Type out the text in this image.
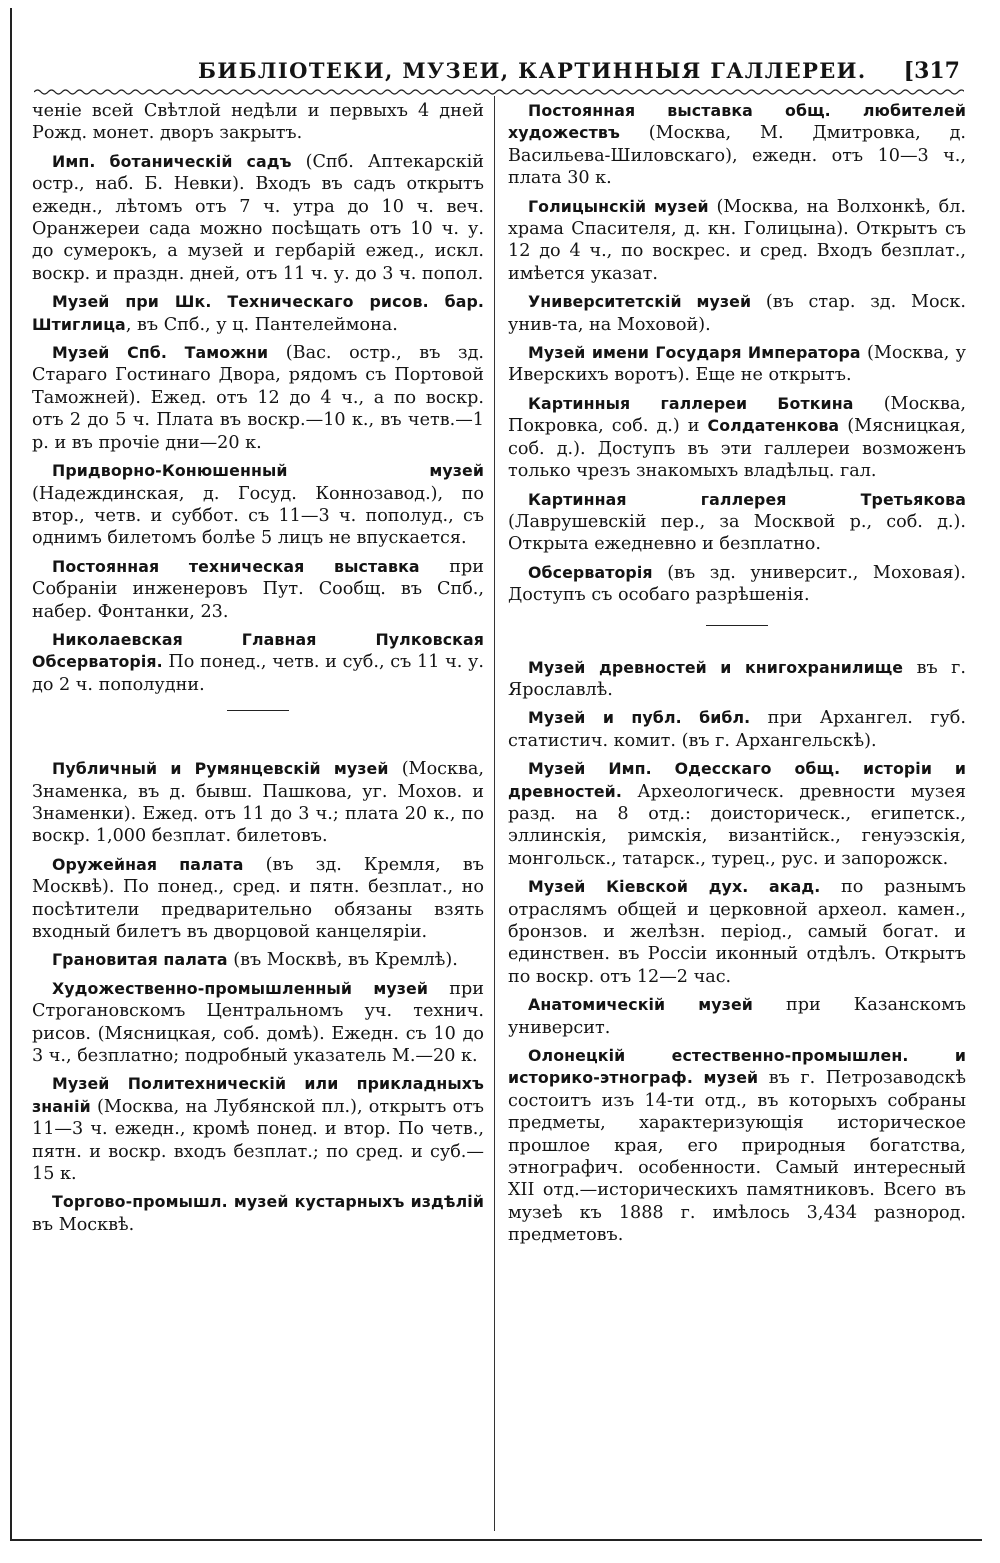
БИБЛІОТЕКИ, МУЗЕИ, КАРТИННЫЯ ГАЛЛЕРЕИ. [317

ченіе всей Свѣтлой недѣли и первыхъ 4 дней Рожд. монет. дворъ закрытъ.

Имп. ботаническій садъ (Спб. Аптекарскій остр., наб. Б. Невки). Входъ въ садъ открытъ ежедн., лѣтомъ отъ 7 ч. утра до 10 ч. веч. Оранжереи сада можно посѣщать отъ 10 ч. у. до сумерокъ, а музей и гербарій ежед., искл. воскр. и праздн. дней, отъ 11 ч. у. до 3 ч. попол.

Музей при Шк. Техническаго рисов. бар. Штиглица, въ Спб., у ц. Пантелеймона.

Музей Спб. Таможни (Вас. остр., въ зд. Стараго Гостинаго Двора, рядомъ съ Портовой Таможней). Ежед. отъ 12 до 4 ч., а по воскр. отъ 2 до 5 ч. Плата въ воскр.—10 к., въ четв.—1 р. и въ прочіе дни—20 к.

Придворно-Конюшенный музей (Надеждинская, д. Госуд. Коннозавод.), по втор., четв. и суббот. съ 11—3 ч. пополуд., съ однимъ билетомъ болѣе 5 лицъ не впускается.

Постоянная техническая выставка при Собраніи инженеровъ Пут. Сообщ. въ Спб., набер. Фонтанки, 23.

Николаевская Главная Пулковская Обсерваторія. По понед., четв. и суб., съ 11 ч. у. до 2 ч. пополудни.

Публичный и Румянцевскій музей (Москва, Знаменка, въ д. бывш. Пашкова, уг. Мохов. и Знаменки). Ежед. отъ 11 до 3 ч.; плата 20 к., по воскр. 1,000 безплат. билетовъ.

Оружейная палата (въ зд. Кремля, въ Москвѣ). По понед., сред. и пятн. безплат., но посѣтители предварительно обязаны взять входный билетъ въ дворцовой канцеляріи.

Грановитая палата (въ Москвѣ, въ Кремлѣ).

Художественно-промышленный музей при Строгановскомъ Центральномъ уч. технич. рисов. (Мясницкая, соб. домѣ). Ежедн. съ 10 до 3 ч., безплатно; подробный указатель М.—20 к.

Музей Политехническій или прикладныхъ знаній (Москва, на Лубянской пл.), открытъ отъ 11—3 ч. ежедн., кромѣ понед. и втор. По четв., пятн. и воскр. входъ безплат.; по сред. и суб.—15 к.

Торгово-промышл. музей кустарныхъ издѣлій въ Москвѣ.

Постоянная выставка общ. любителей художествъ (Москва, М. Дмитровка, д. Васильева-Шиловскаго), ежедн. отъ 10—3 ч., плата 30 к.

Голицынскій музей (Москва, на Волхонкѣ, бл. храма Спасителя, д. кн. Голицына). Открытъ съ 12 до 4 ч., по воскрес. и сред. Входъ безплат., имѣется указат.

Университетскій музей (въ стар. зд. Моск. унив-та, на Моховой).

Музей имени Государя Императора (Москва, у Иверскихъ воротъ). Еще не открытъ.

Картинныя галлереи Боткина (Москва, Покровка, соб. д.) и Солдатенкова (Мясницкая, соб. д.). Доступъ въ эти галлереи возможенъ только чрезъ знакомыхъ владѣльц. гал.

Картинная галлерея Третьякова (Лаврушевскій пер., за Москвой р., соб. д.). Открыта ежедневно и безплатно.

Обсерваторія (въ зд. университ., Моховая). Доступъ съ особаго разрѣшенія.

Музей древностей и книгохранилище въ г. Ярославлѣ.

Музей и публ. библ. при Архангел. губ. статистич. комит. (въ г. Архангельскѣ).

Музей Имп. Одесскаго общ. исторіи и древностей. Археологическ. древности музея разд. на 8 отд.: доисторическ., египетск., эллинскія, римскія, византійск., генуэзскія, монгольск., татарск., турец., рус. и запорожск.

Музей Кіевской дух. акад. по разнымъ отраслямъ общей и церковной археол. камен., бронзов. и желѣзн. період., самый богат. и единствен. въ Россіи иконный отдѣлъ. Открытъ по воскр. отъ 12—2 час.

Анатомическій музей при Казанскомъ университ.

Олонецкій естественно-промышлен. и историко-этнограф. музей въ г. Петрозаводскѣ состоитъ изъ 14-ти отд., въ которыхъ собраны предметы, характеризующія историческое прошлое края, его природныя богатства, этнографич. особенности. Самый интересный XII отд.—историческихъ памятниковъ. Всего въ музеѣ къ 1888 г. имѣлось 3,434 разнород. предметовъ.
